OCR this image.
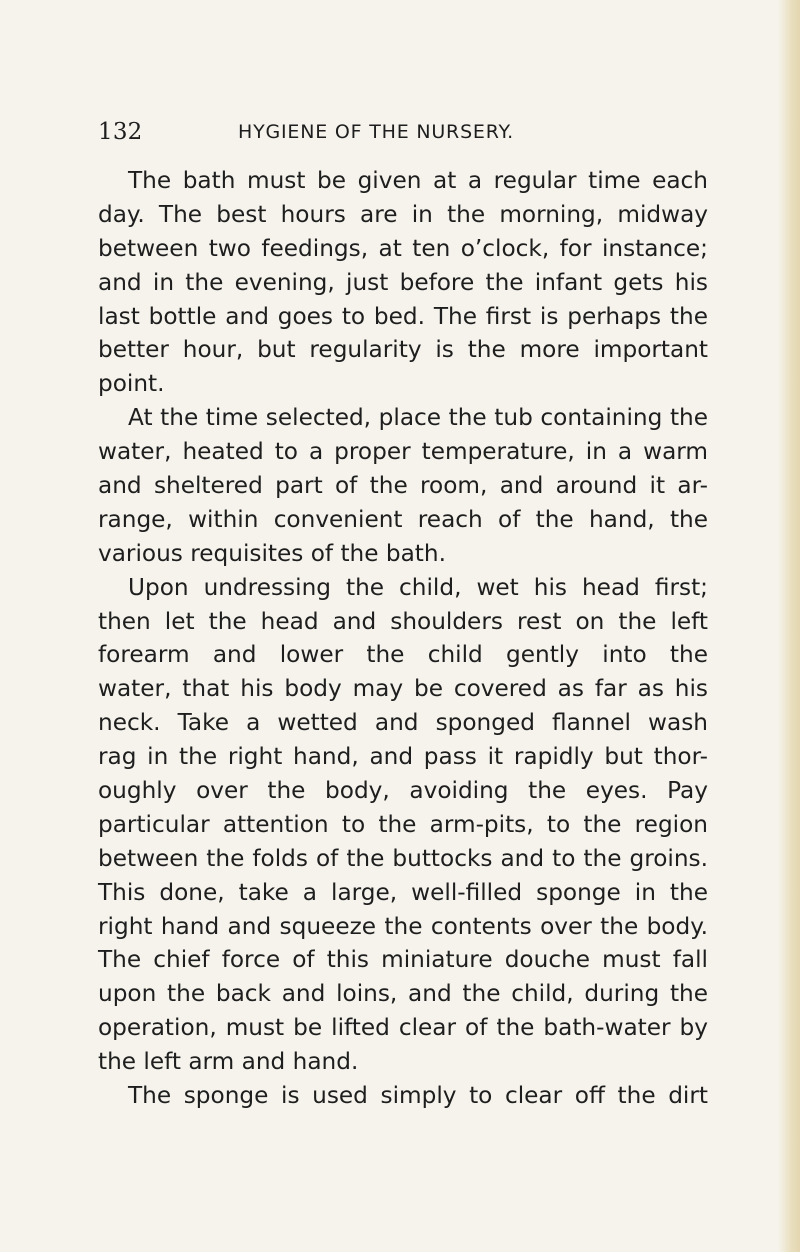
132	HYGIENE OF THE NURSERY.
The bath must be given at a regular time each
day. The best hours are in the morning, midway
between two feedings, at ten o’clock, for instance;
and in the evening, just before the infant gets his
last bottle and goes to bed. The first is perhaps the
better hour, but regularity is the more important
point.
At the time selected, place the tub containing the
water, heated to a proper temperature, in a warm
and sheltered part of the room, and around it ar-
range, within convenient reach of the hand, the
various requisites of the bath.
Upon undressing the child, wet his head first;
then let the head and shoulders rest on the left
forearm and lower the child gently into the
water, that his body may be covered as far as his
neck. Take a wetted and sponged flannel wash
rag in the right hand, and pass it rapidly but thor-
oughly over the body, avoiding the eyes. Pay
particular attention to the arm-pits, to the region
between the folds of the buttocks and to the groins.
This done, take a large, well-filled sponge in the
right hand and squeeze the contents over the body.
The chief force of this miniature douche must fall
upon the back and loins, and the child, during the
operation, must be lifted clear of the bath-water by
the left arm and hand.
The sponge is used simply to clear off the dirt
